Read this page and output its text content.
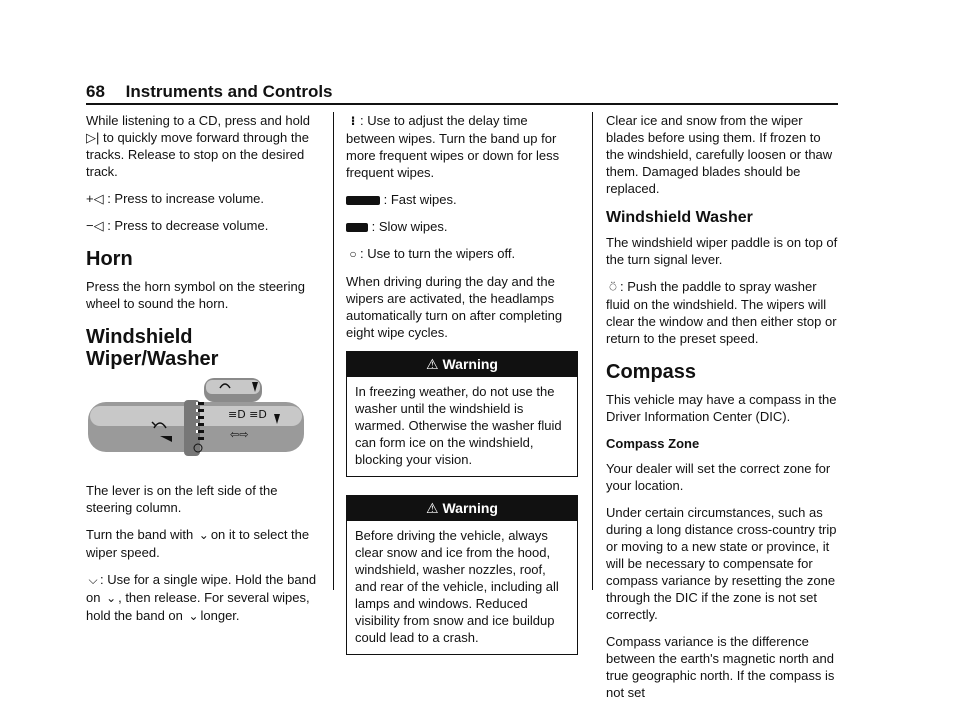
68 Instruments and Controls

While listening to a CD, press and hold ▷| to quickly move forward through the tracks. Release to stop on the desired track.

+◁ : Press to increase volume.

−◁ : Press to decrease volume.

Horn

Press the horn symbol on the steering wheel to sound the horn.

Windshield Wiper/Washer
≡D ≡D
⇦⇨

The lever is on the left side of the steering column.

Turn the band with ⌄ on it to select the wiper speed.

⌵ : Use for a single wipe. Hold the band on ⌄ , then release. For several wipes, hold the band on ⌄ longer.

⁝ : Use to adjust the delay time between wipes. Turn the band up for more frequent wipes or down for less frequent wipes.

: Fast wipes.

: Slow wipes.

○ : Use to turn the wipers off.

When driving during the day and the wipers are activated, the headlamps automatically turn on after completing eight wipe cycles.

⚠ Warning
In freezing weather, do not use the washer until the windshield is warmed. Otherwise the washer fluid can form ice on the windshield, blocking your vision.
⚠ Warning
Before driving the vehicle, always clear snow and ice from the hood, windshield, washer nozzles, roof, and rear of the vehicle, including all lamps and windows. Reduced visibility from snow and ice buildup could lead to a crash.

Clear ice and snow from the wiper blades before using them. If frozen to the windshield, carefully loosen or thaw them. Damaged blades should be replaced.

Windshield Washer

The windshield wiper paddle is on top of the turn signal lever.

⍥ : Push the paddle to spray washer fluid on the windshield. The wipers will clear the window and then either stop or return to the preset speed.

Compass

This vehicle may have a compass in the Driver Information Center (DIC).

Compass Zone

Your dealer will set the correct zone for your location.

Under certain circumstances, such as during a long distance cross-country trip or moving to a new state or province, it will be necessary to compensate for compass variance by resetting the zone through the DIC if the zone is not set correctly.

Compass variance is the difference between the earth's magnetic north and true geographic north. If the compass is not set
